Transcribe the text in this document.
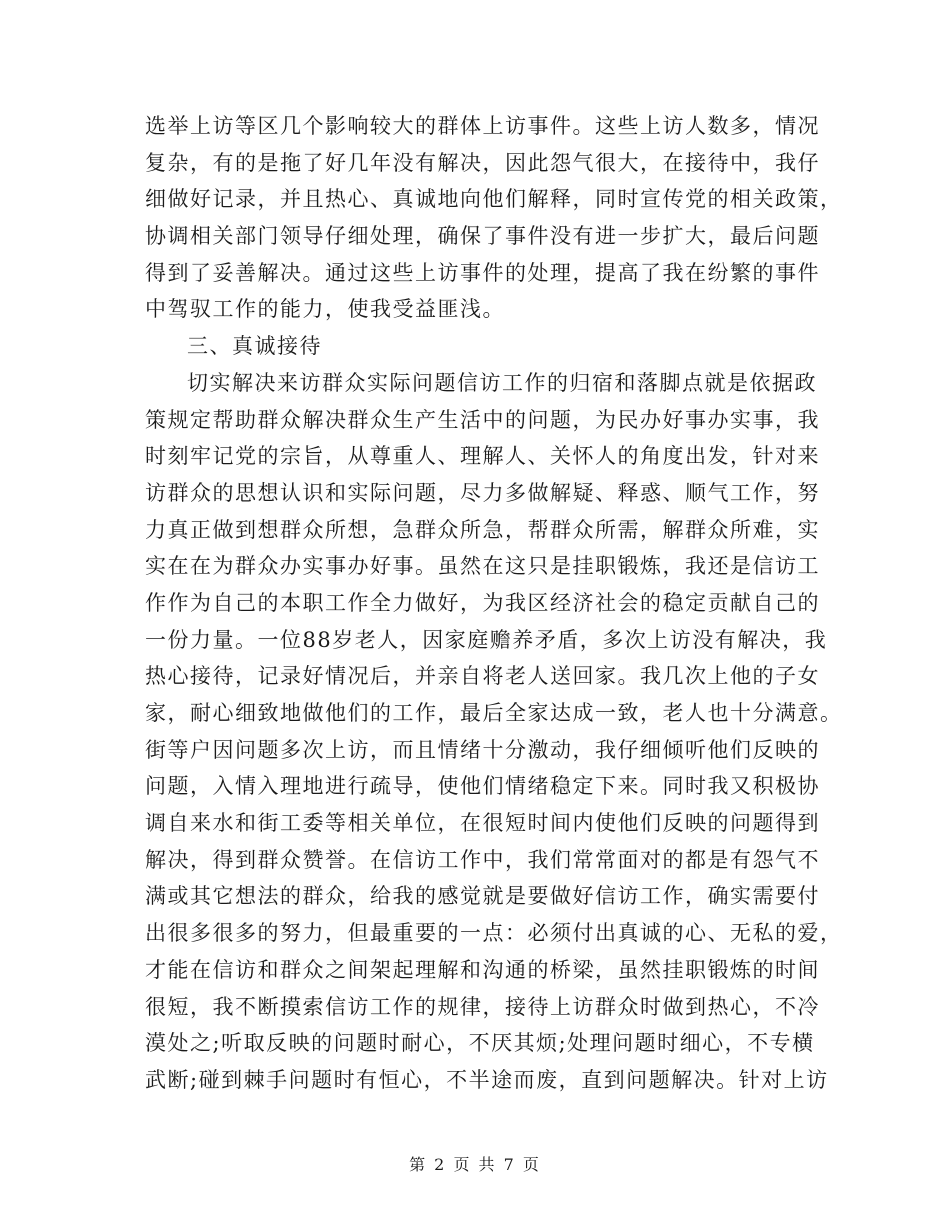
选举上访等区几个影响较大的群体上访事件。这些上访人数多，情况
复杂，有的是拖了好几年没有解决，因此怨气很大，在接待中，我仔
细做好记录，并且热心、真诚地向他们解释，同时宣传党的相关政策，
协调相关部门领导仔细处理，确保了事件没有进一步扩大，最后问题
得到了妥善解决。通过这些上访事件的处理，提高了我在纷繁的事件
中驾驭工作的能力，使我受益匪浅。
三、真诚接待
切实解决来访群众实际问题信访工作的归宿和落脚点就是依据政
策规定帮助群众解决群众生产生活中的问题，为民办好事办实事，我
时刻牢记党的宗旨，从尊重人、理解人、关怀人的角度出发，针对来
访群众的思想认识和实际问题，尽力多做解疑、释惑、顺气工作，努
力真正做到想群众所想，急群众所急，帮群众所需，解群众所难，实
实在在为群众办实事办好事。虽然在这只是挂职锻炼，我还是信访工
作作为自己的本职工作全力做好，为我区经济社会的稳定贡献自己的
一份力量。一位88岁老人，因家庭赡养矛盾，多次上访没有解决，我
热心接待，记录好情况后，并亲自将老人送回家。我几次上他的子女
家，耐心细致地做他们的工作，最后全家达成一致，老人也十分满意。
街等户因问题多次上访，而且情绪十分激动，我仔细倾听他们反映的
问题，入情入理地进行疏导，使他们情绪稳定下来。同时我又积极协
调自来水和街工委等相关单位，在很短时间内使他们反映的问题得到
解决，得到群众赞誉。在信访工作中，我们常常面对的都是有怨气不
满或其它想法的群众，给我的感觉就是要做好信访工作，确实需要付
出很多很多的努力，但最重要的一点：必须付出真诚的心、无私的爱，
才能在信访和群众之间架起理解和沟通的桥梁，虽然挂职锻炼的时间
很短，我不断摸索信访工作的规律，接待上访群众时做到热心，不冷
漠处之;听取反映的问题时耐心，不厌其烦;处理问题时细心，不专横
武断;碰到棘手问题时有恒心，不半途而废，直到问题解决。针对上访
第 2 页 共 7 页
